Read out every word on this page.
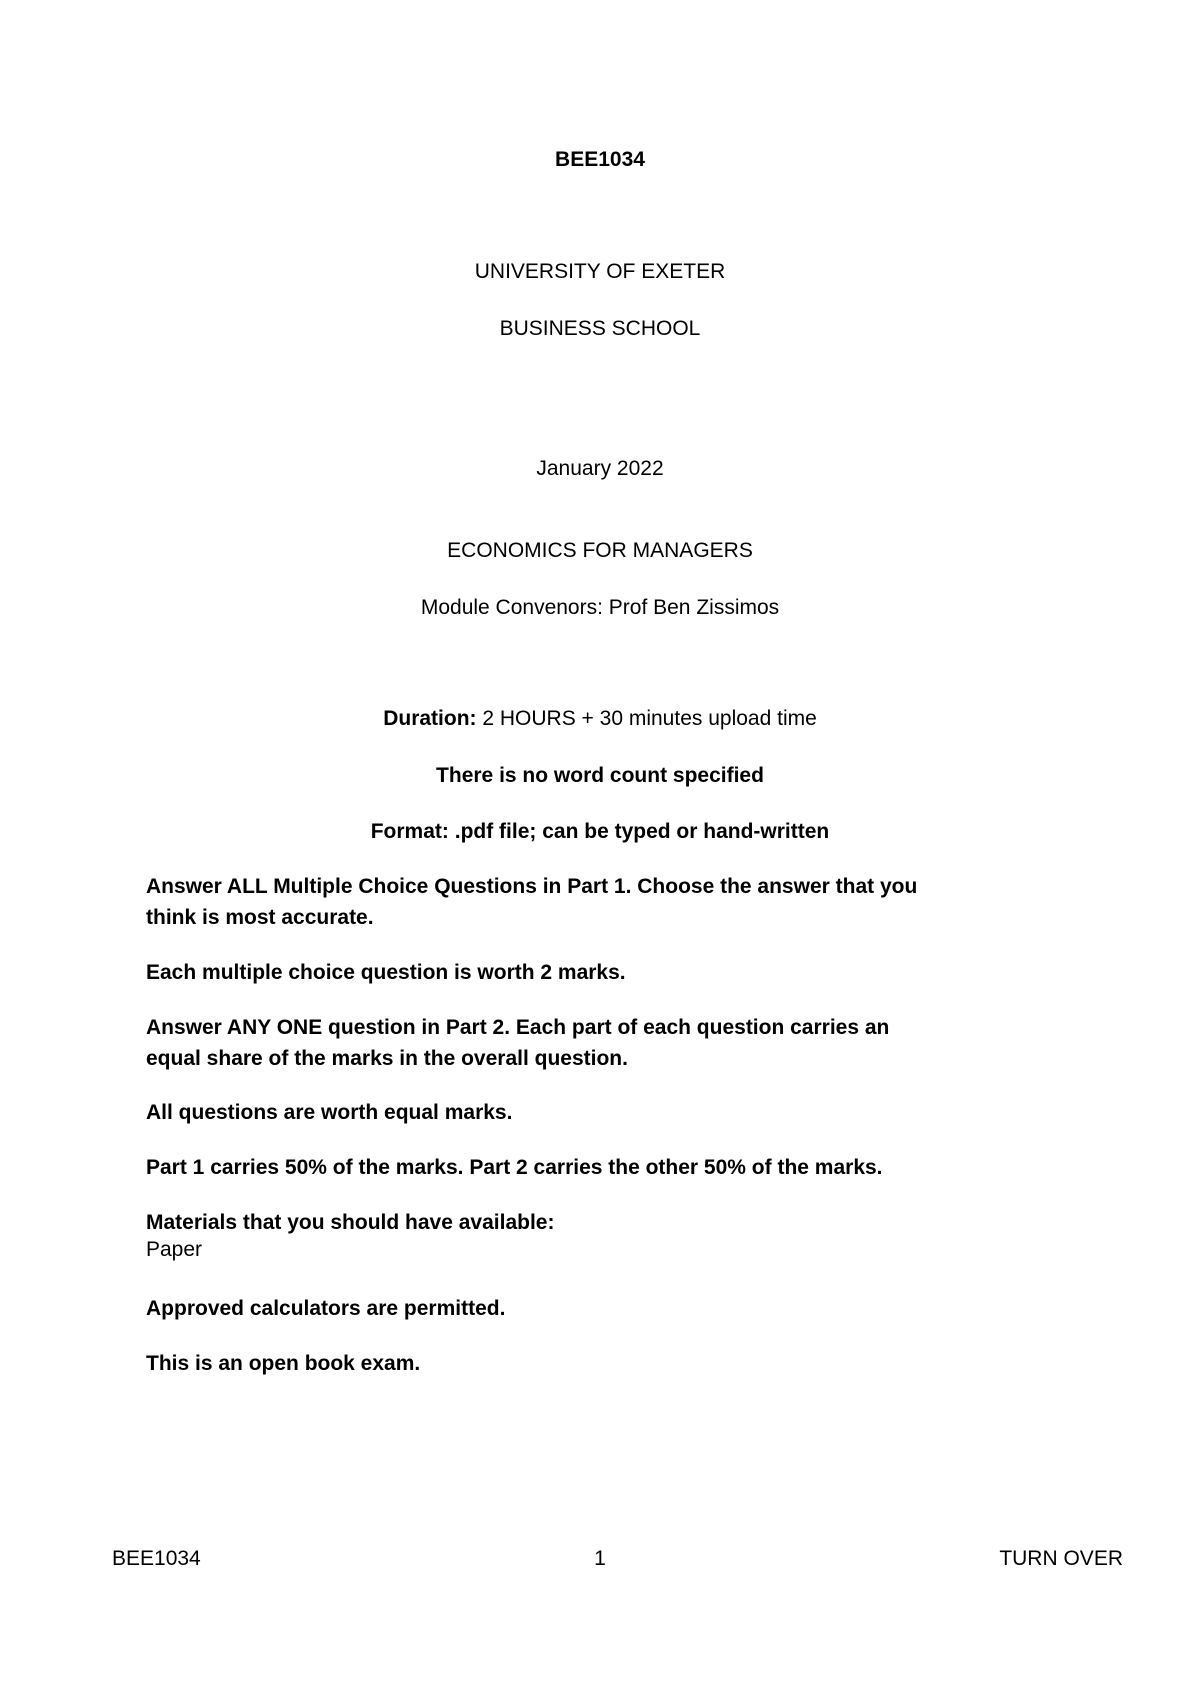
BEE1034
UNIVERSITY OF EXETER
BUSINESS SCHOOL
January 2022
ECONOMICS FOR MANAGERS
Module Convenors: Prof Ben Zissimos
Duration: 2 HOURS + 30 minutes upload time
There is no word count specified
Format: .pdf file; can be typed or hand-written
Answer ALL Multiple Choice Questions in Part 1. Choose the answer that you
think is most accurate.
Each multiple choice question is worth 2 marks.
Answer ANY ONE question in Part 2. Each part of each question carries an
equal share of the marks in the overall question.
All questions are worth equal marks.
Part 1 carries 50% of the marks. Part 2 carries the other 50% of the marks.
Materials that you should have available:
Paper
Approved calculators are permitted.
This is an open book exam.
BEE1034	1	TURN OVER
